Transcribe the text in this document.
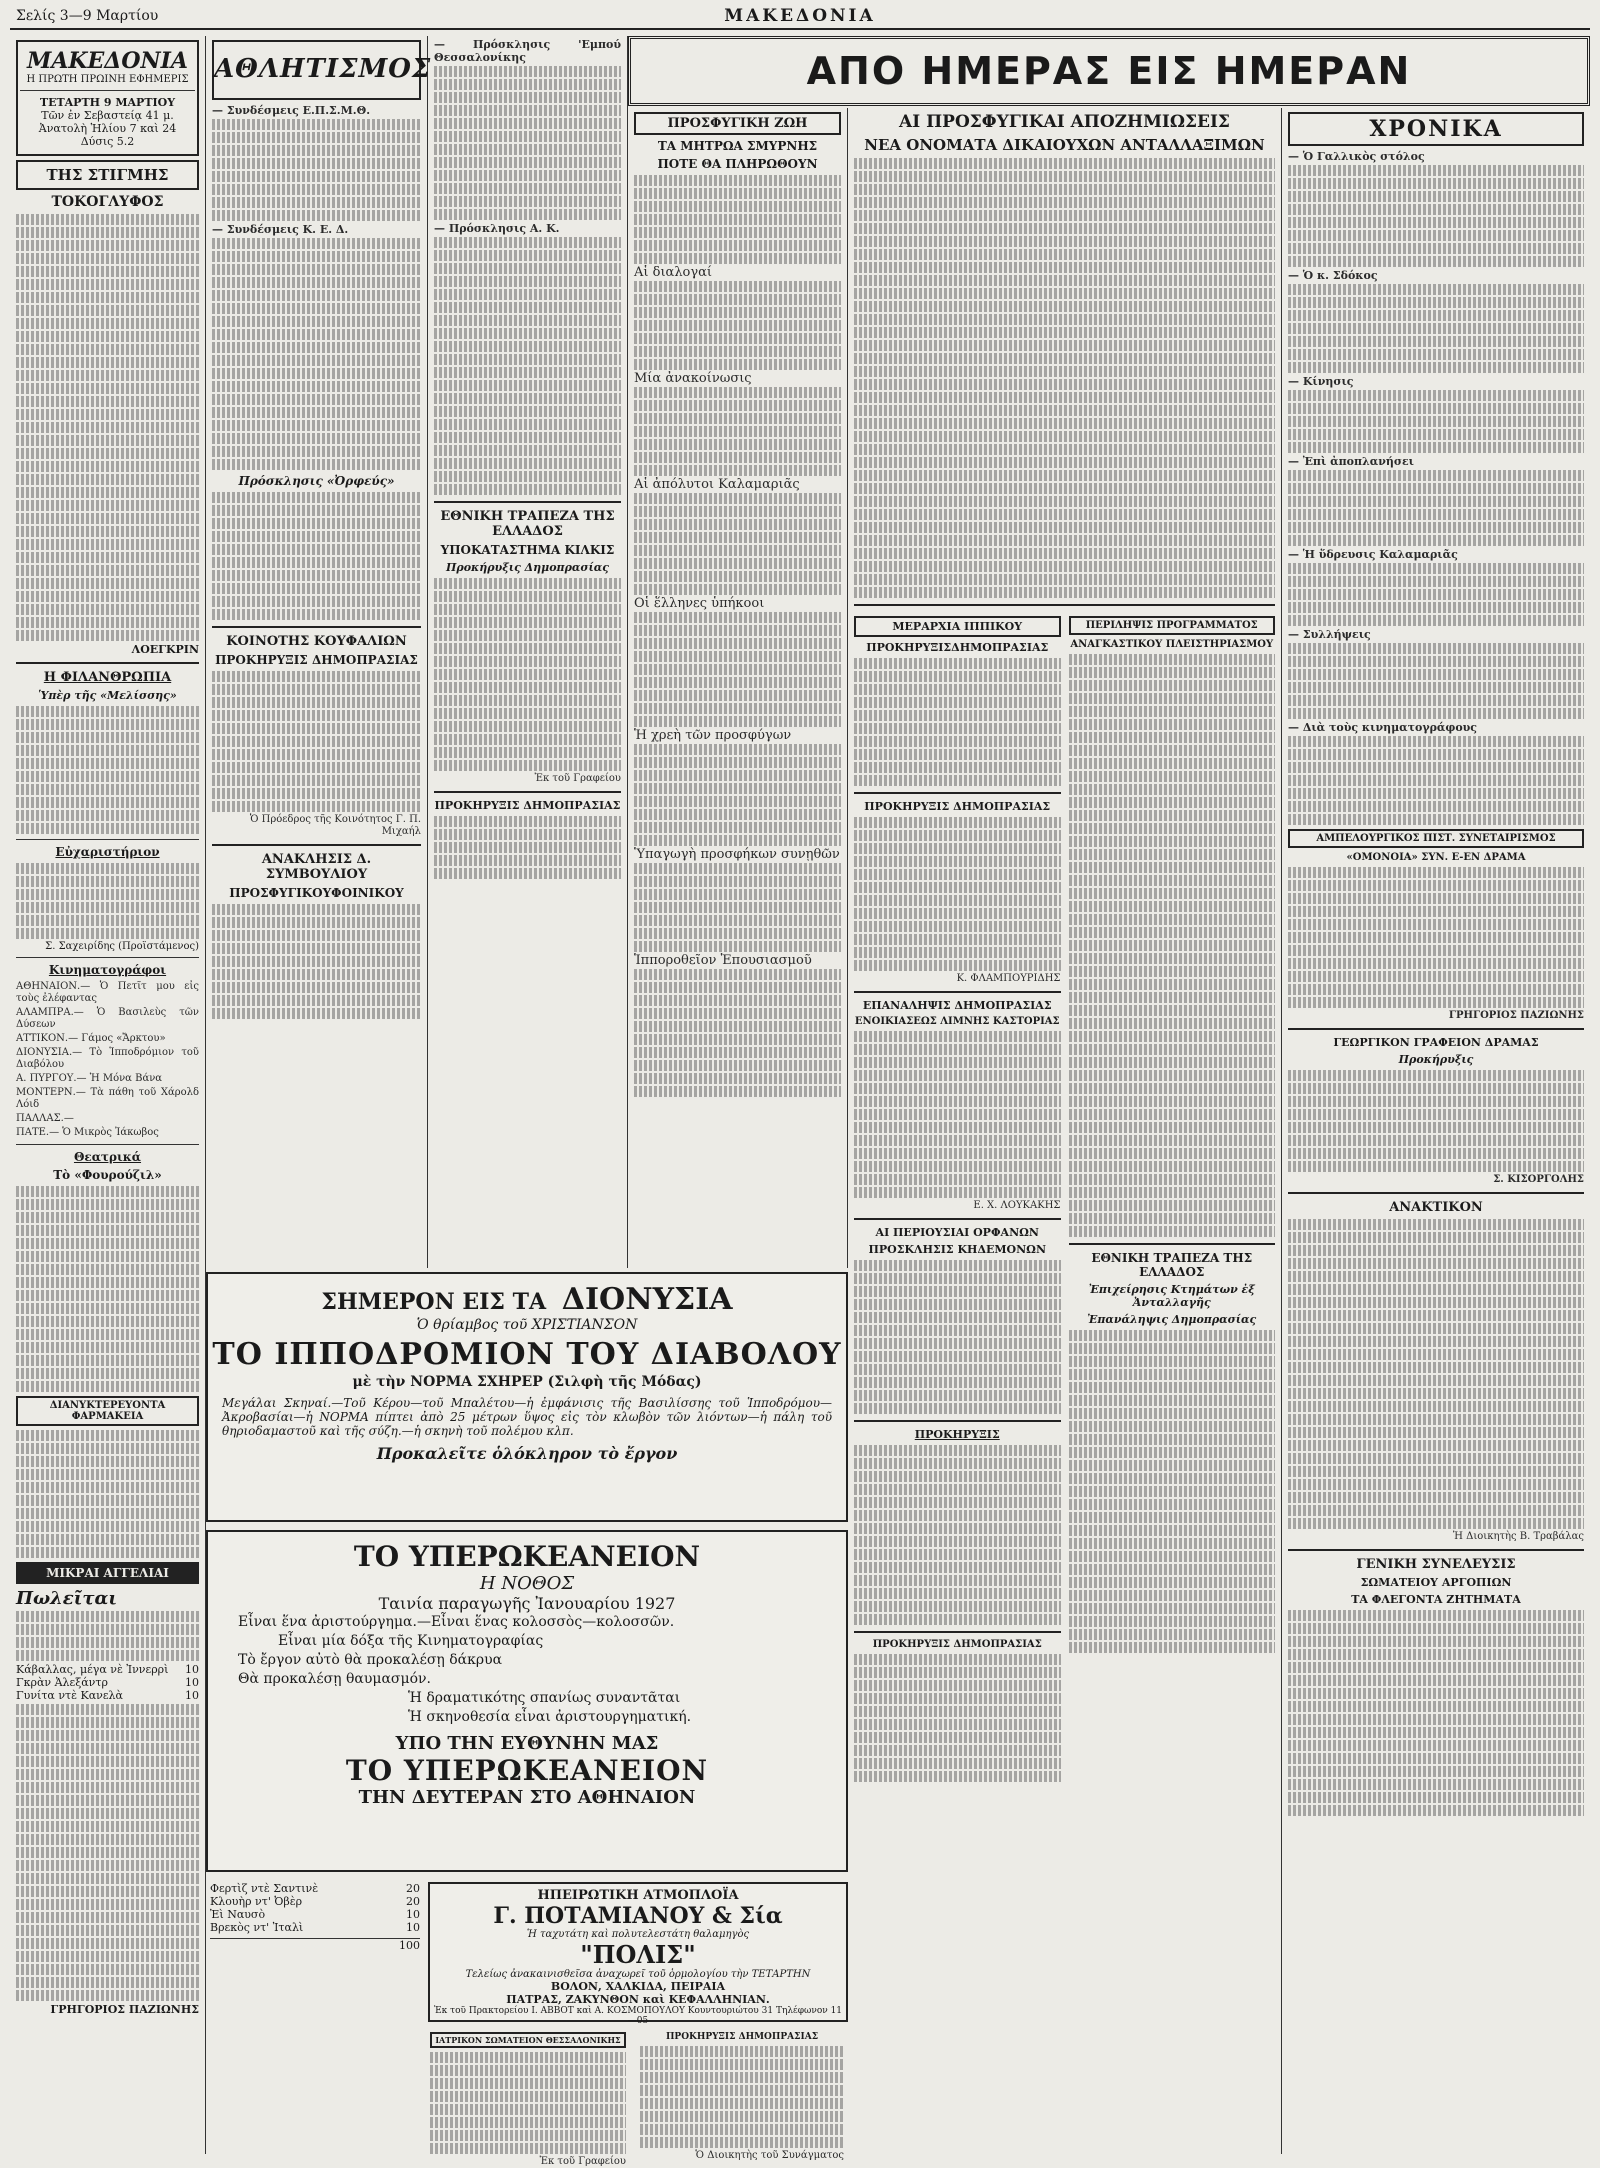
Σελίς 3—9 Μαρτίου	ΜΑΚΕΔΟΝΙΑ
ΜΑΚΕΔΟΝΙΑ
Η ΠΡΩΤΗ ΠΡΩΙΝΗ ΕΦΗΜΕΡΙΣ
ΤΕΤΑΡΤΗ 9 ΜΑΡΤΙΟΥ
Τῶν ἐν Σεβαστείᾳ 41 μ.
Ἀνατολὴ Ἡλίου 7 καὶ 24
Δύσις 5.2
ΤΗΣ ΣΤΙΓΜΗΣ
ΤΟΚΟΓΛΥΦΟΣ
ΛΟΕΓΚΡΙΝ
Η ΦΙΛΑΝΘΡΩΠΙΑ
Ὑπὲρ τῆς «Μελίσσης»
Εὐχαριστήριον
Σ. Σαχειρίδης (Προϊστάμενος)
Κινηματογράφοι
ΑΘΗΝΑΙΟΝ.— Ὁ Πετῖτ μου εἰς τοὺς ἐλέφαντας
ΑΛΑΜΠΡΑ.— Ὁ Βασιλεὺς τῶν Δύσεων
ΑΤΤΙΚΟΝ.— Γάμος «Ἄρκτου»
ΔΙΟΝΥΣΙΑ.— Τὸ Ἱπποδρόμιον τοῦ Διαβόλου
Α. ΠΥΡΓΟΥ.— Ἡ Μόνα Βάνα
ΜΟΝΤΕΡΝ.— Τὰ πάθη τοῦ Χάρολδ Λόιδ
ΠΑΛΛΑΣ.—
ΠΑΤΕ.— Ὁ Μικρὸς Ἰάκωβος
Θεατρικά
Τὸ «Φουρούζιλ»
ΔΙΑΝΥΚΤΕΡΕΥΟΝΤΑ ΦΑΡΜΑΚΕΙΑ
ΜΙΚΡΑΙ ΑΓΓΕΛΙΑΙ
Πωλεῖται
Κάβαλλας, μέγα νὲ Ἰννερρὶ 10
Γκρὰν Ἀλεξάντρ	10
Γυνίτα ντὲ Κανελὰ	10
ΓΡΗΓΟΡΙΟΣ ΠΑΖΙΩΝΗΣ
ΑΘΛΗΤΙΣΜΟΣ
— Συνδέσμεις Ε.Π.Σ.Μ.Θ.
— Συνδέσμεις Κ. Ε. Δ.
Πρόσκλησις «Ὀρφεύς»
ΚΟΙΝΟΤΗΣ ΚΟΥΦΑΛΙΩΝ
ΠΡΟΚΗΡΥΞΙΣ ΔΗΜΟΠΡΑΣΙΑΣ
Ὁ Πρόεδρος τῆς Κοινότητος Γ. Π. Μιχαήλ
ΑΝΑΚΛΗΣΙΣ Δ. ΣΥΜΒΟΥΛΙΟΥ
ΠΡΟΣΦΥΓΙΚΟΥΦΟΙΝΙΚΟΥ
— Πρόσκλησις 'Εμπού Θεσσαλονίκης
— Πρόσκλησις Α. Κ.
ΕΘΝΙΚΗ ΤΡΑΠΕΖΑ ΤΗΣ ΕΛΛΑΔΟΣ
ΥΠΟΚΑΤΑΣΤΗΜΑ ΚΙΛΚΙΣ
Προκήρυξις Δημοπρασίας
Ἐκ τοῦ Γραφείου
ΠΡΟΚΗΡΥΞΙΣ ΔΗΜΟΠΡΑΣΙΑΣ
ΑΠΟ ΗΜΕΡΑΣ ΕΙΣ ΗΜΕΡΑΝ
ΠΡΟΣΦΥΓΙΚΗ ΖΩΗ
ΤΑ ΜΗΤΡΩΑ ΣΜΥΡΝΗΣ
ΠΟΤΕ ΘΑ ΠΛΗΡΩΘΟΥΝ
Αἱ διαλογαί
Μία ἀνακοίνωσις
Αἱ ἀπόλυτοι Καλαμαριᾶς
Οἱ ἕλληνες ὑπήκοοι
Ἡ χρεὴ τῶν προσφύγων
Ὑπαγωγὴ προσφήκων συνῃθῶν
Ἱπποροθεῖον Ἐπουσιασμοῦ
ΑΙ ΠΡΟΣΦΥΓΙΚΑΙ ΑΠΟΖΗΜΙΩΣΕΙΣ
ΝΕΑ ΟΝΟΜΑΤΑ ΔΙΚΑΙΟΥΧΩΝ ΑΝΤΑΛΛΑΞΙΜΩΝ
ΜΕΡΑΡΧΙΑ ΙΠΠΙΚΟΥ
ΠΡΟΚΗΡΥΞΙΣΔΗΜΟΠΡΑΣΙΑΣ
ΠΡΟΚΗΡΥΞΙΣ ΔΗΜΟΠΡΑΣΙΑΣ
Κ. ΦΛΑΜΠΟΥΡΙΔΗΣ
ΕΠΑΝΑΛΗΨΙΣ ΔΗΜΟΠΡΑΣΙΑΣ
ΕΝΟΙΚΙΑΣΕΩΣ ΛΙΜΝΗΣ ΚΑΣΤΟΡΙΑΣ
Ε. Χ. ΛΟΥΚΑΚΗΣ
ΑΙ ΠΕΡΙΟΥΣΙΑΙ ΟΡΦΑΝΩΝ
ΠΡΟΣΚΛΗΣΙΣ ΚΗΔΕΜΟΝΩΝ
ΠΡΟΚΗΡΥΞΙΣ
ΠΡΟΚΗΡΥΞΙΣ ΔΗΜΟΠΡΑΣΙΑΣ
ΠΕΡΙΛΗΨΙΣ ΠΡΟΓΡΑΜΜΑΤΟΣ
ΑΝΑΓΚΑΣΤΙΚΟΥ ΠΛΕΙΣΤΗΡΙΑΣΜΟΥ
ΕΘΝΙΚΗ ΤΡΑΠΕΖΑ ΤΗΣ ΕΛΛΑΔΟΣ
Ἐπιχείρησις Κτημάτων ἐξ Ἀνταλλαγῆς
Ἐπανάληψις Δημοπρασίας
ΧΡΟΝΙΚΑ
— Ὁ Γαλλικὸς στόλος
— Ὁ κ. Σδόκος
— Κίνησις
— Ἐπὶ ἀποπλανήσει
— Ἡ ὕδρευσις Καλαμαριᾶς
— Συλλήψεις
— Διὰ τοὺς κινηματογράφους
ΑΜΠΕΛΟΥΡΓΙΚΟΣ ΠΙΣΤ. ΣΥΝΕΤΑΙΡΙΣΜΟΣ
«ΟΜΟΝΟΙΑ» ΣΥΝ. Ε-ΕΝ ΔΡΑΜΑ
ΓΡΗΓΟΡΙΟΣ ΠΑΖΙΩΝΗΣ
ΓΕΩΡΓΙΚΟΝ ΓΡΑΦΕΙΟΝ ΔΡΑΜΑΣ
Προκήρυξις
Σ. ΚΙΣΟΡΓΟΛΗΣ
ΑΝΑΚΤΙΚΟΝ
Ἡ Διοικητὴς Β. Τραβάλας
ΓΕΝΙΚΗ ΣΥΝΕΛΕΥΣΙΣ
ΣΩΜΑΤΕΙΟΥ ΑΡΓΟΠΙΩΝ
ΤΑ ΦΛΕΓΟΝΤΑ ΖΗΤΗΜΑΤΑ
ΣΗΜΕΡΟΝ ΕΙΣ ΤΑ ΔΙΟΝΥΣΙΑ
Ὁ θρίαμβος τοῦ ΧΡΙΣΤΙΑΝΣΟΝ
ΤΟ ΙΠΠΟΔΡΟΜΙΟΝ ΤΟΥ ΔΙΑΒΟΛΟΥ
μὲ τὴν ΝΟΡΜΑ ΣΧΗΡΕΡ (Σιλφὴ τῆς Μόδας)
Μεγάλαι Σκηναί.—Τοῦ Κέρου—τοῦ Μπαλέτου—ἡ ἐμφάνισις τῆς Βασιλίσσης τοῦ Ἱπποδρόμου—Ἀκροβασίαι—ἡ ΝΟΡΜΑ πίπτει ἀπὸ 25 μέτρων ὕψος εἰς τὸν κλωβὸν τῶν λιόντων—ἡ πάλη τοῦ θηριοδαμαστοῦ καὶ τῆς σύζη.—ἡ σκηνὴ τοῦ πολέμου κλπ.
Προκαλεῖτε ὁλόκληρον τὸ ἔργον
ΤΟ ΥΠΕΡΩΚΕΑΝΕΙΟΝ
Η ΝΟΘΟΣ
Ταινία παραγωγῆς Ἰανουαρίου 1927
Εἶναι ἕνα ἀριστούργημα.—Εἶναι ἕνας κολοσσὸς—κολοσσῶν.
Εἶναι μία δόξα τῆς Κινηματογραφίας
Τὸ ἔργον αὐτὸ θὰ προκαλέσῃ δάκρυα
Θὰ προκαλέσῃ θαυμασμόν.
Ἡ δραματικότης σπανίως συναντᾶται
Ἡ σκηνοθεσία εἶναι ἀριστουργηματική.
ΥΠΟ ΤΗΝ ΕΥΘΥΝΗΝ ΜΑΣ
ΤΟ ΥΠΕΡΩΚΕΑΝΕΙΟΝ
ΤΗΝ ΔΕΥΤΕΡΑΝ ΣΤΟ ΑΘΗΝΑΙΟΝ
Φερτὶζ ντὲ Σαντινὲ	20
Κλουὴρ ντ' Ὀβὲρ	20
Ἐὶ Ναυσὸ	10
Βρεκὸς ντ' Ἰταλὶ	10
100
ΗΠΕΙΡΩΤΙΚΗ ΑΤΜΟΠΛΟΪΑ
Γ. ΠΟΤΑΜΙΑΝΟΥ & Σία
Ἡ ταχυτάτη καὶ πολυτελεστάτη θαλαμηγὸς
"ΠΟΛΙΣ"
Τελείως ἀνακαινισθεῖσα ἀναχωρεῖ τοῦ ὁρμολογίου τὴν ΤΕΤΑΡΤΗΝ
ΒΟΛΟΝ, ΧΑΛΚΙΔΑ, ΠΕΙΡΑΙΑ
ΠΑΤΡΑΣ, ΖΑΚΥΝΘΟΝ καὶ ΚΕΦΑΛΛΗΝΙΑΝ.
Ἐκ τοῦ Πρακτορείου Ι. ΑΒΒΟΤ καὶ Α. ΚΟΣΜΟΠΟΥΛΟΥ Κουντουριώτου 31 Τηλέφωνον 11—05
ΙΑΤΡΙΚΟΝ ΣΩΜΑΤΕΙΟΝ ΘΕΣΣΑΛΟΝΙΚΗΣ
Ἐκ τοῦ Γραφείου
ΠΡΟΚΗΡΥΞΙΣ ΔΗΜΟΠΡΑΣΙΑΣ
Ὁ Διοικητὴς τοῦ Συνάγματος
